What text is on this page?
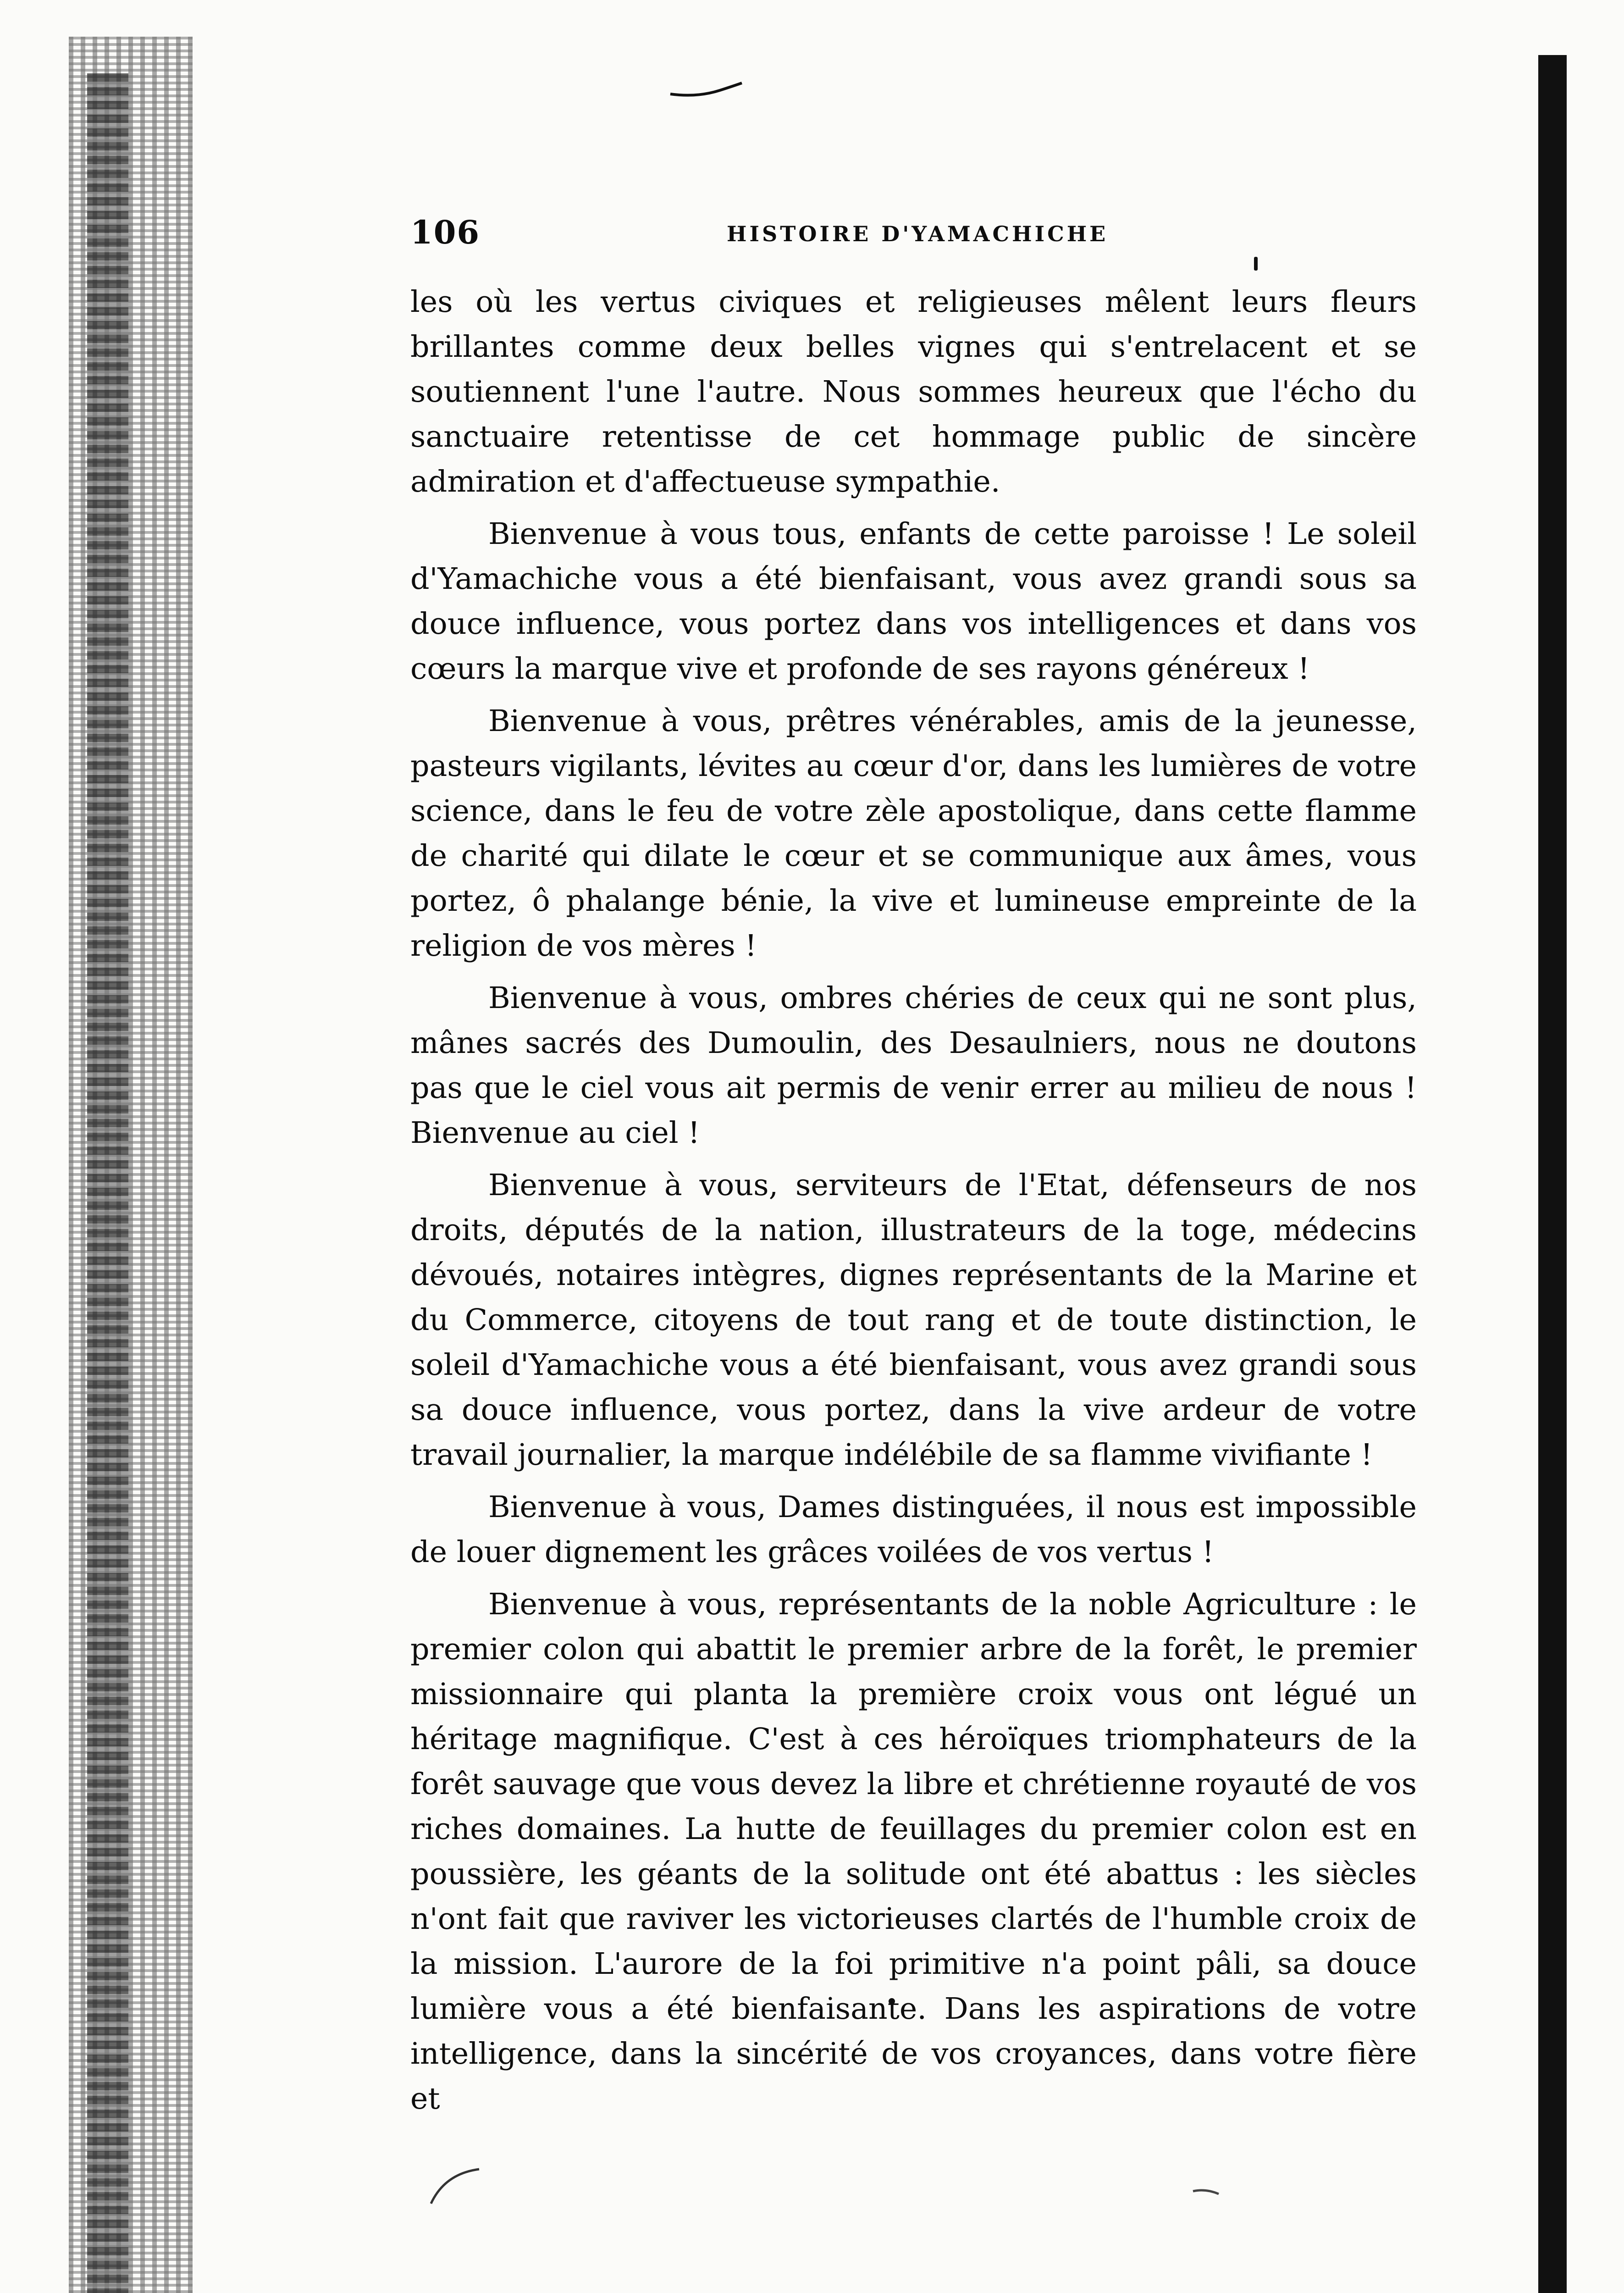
106	HISTOIRE D'YAMACHICHE

les où les vertus civiques et religieuses mêlent leurs fleurs brillantes comme deux belles vignes qui s'entrelacent et se soutiennent l'une l'autre. Nous sommes heureux que l'écho du sanctuaire retentisse de cet hommage public de sincère admiration et d'affectueuse sympathie.

Bienvenue à vous tous, enfants de cette paroisse ! Le soleil d'Yamachiche vous a été bienfaisant, vous avez grandi sous sa douce influence, vous portez dans vos intelligences et dans vos cœurs la marque vive et profonde de ses rayons généreux !

Bienvenue à vous, prêtres vénérables, amis de la jeunesse, pasteurs vigilants, lévites au cœur d'or, dans les lumières de votre science, dans le feu de votre zèle apostolique, dans cette flamme de charité qui dilate le cœur et se communique aux âmes, vous portez, ô phalange bénie, la vive et lumineuse empreinte de la religion de vos mères !

Bienvenue à vous, ombres chéries de ceux qui ne sont plus, mânes sacrés des Dumoulin, des Desaulniers, nous ne doutons pas que le ciel vous ait permis de venir errer au milieu de nous ! Bienvenue au ciel !

Bienvenue à vous, serviteurs de l'Etat, défenseurs de nos droits, députés de la nation, illustrateurs de la toge, médecins dévoués, notaires intègres, dignes représentants de la Marine et du Commerce, citoyens de tout rang et de toute distinction, le soleil d'Yamachiche vous a été bienfaisant, vous avez grandi sous sa douce influence, vous portez, dans la vive ardeur de votre travail journalier, la marque indélébile de sa flamme vivifiante !

Bienvenue à vous, Dames distinguées, il nous est impossible de louer dignement les grâces voilées de vos vertus !

Bienvenue à vous, représentants de la noble Agriculture : le premier colon qui abattit le premier arbre de la forêt, le premier missionnaire qui planta la première croix vous ont légué un héritage magnifique. C'est à ces héroïques triomphateurs de la forêt sauvage que vous devez la libre et chrétienne royauté de vos riches domaines. La hutte de feuillages du premier colon est en poussière, les géants de la solitude ont été abattus : les siècles n'ont fait que raviver les victorieuses clartés de l'humble croix de la mission. L'aurore de la foi primitive n'a point pâli, sa douce lumière vous a été bienfaisante. Dans les aspirations de votre intelligence, dans la sincérité de vos croyances, dans votre fière et
